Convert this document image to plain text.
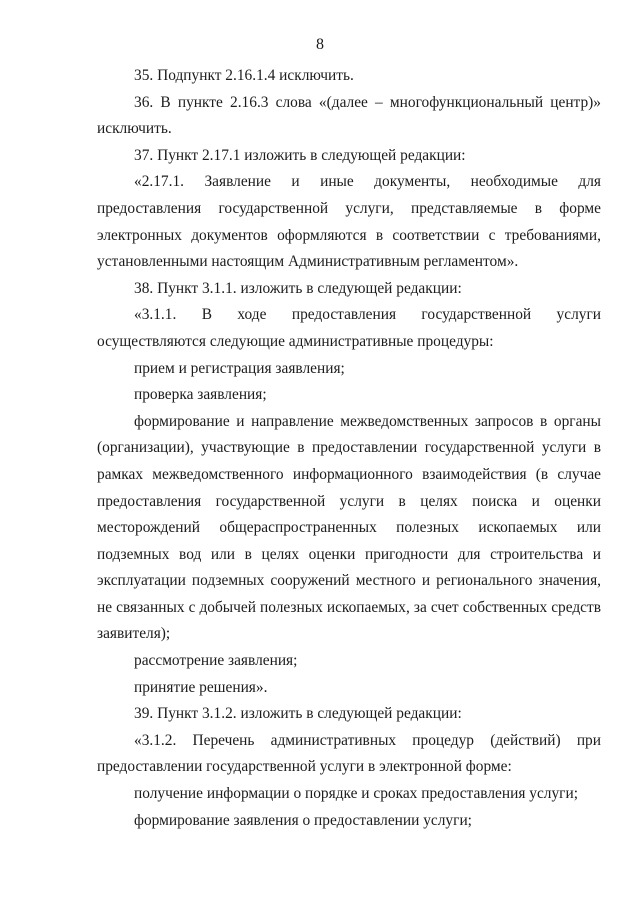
8

35. Подпункт 2.16.1.4 исключить.

36. В пункте 2.16.3 слова «(далее – многофункциональный центр)» исключить.

37. Пункт 2.17.1 изложить в следующей редакции:

«2.17.1. Заявление и иные документы, необходимые для предоставления государственной услуги, представляемые в форме электронных документов оформляются в соответствии с требованиями, установленными настоящим Административным регламентом».

38. Пункт 3.1.1. изложить в следующей редакции:

«3.1.1. В ходе предоставления государственной услуги осуществляются следующие административные процедуры:

прием и регистрация заявления;

проверка заявления;

формирование и направление межведомственных запросов в органы (организации), участвующие в предоставлении государственной услуги в рамках межведомственного информационного взаимодействия (в случае предоставления государственной услуги в целях поиска и оценки месторождений общераспространенных полезных ископаемых или подземных вод или в целях оценки пригодности для строительства и эксплуатации подземных сооружений местного и регионального значения, не связанных с добычей полезных ископаемых, за счет собственных средств заявителя);

рассмотрение заявления;

принятие решения».

39. Пункт 3.1.2. изложить в следующей редакции:

«3.1.2. Перечень административных процедур (действий) при предоставлении государственной услуги в электронной форме:

получение информации о порядке и сроках предоставления услуги;

формирование заявления о предоставлении услуги;
